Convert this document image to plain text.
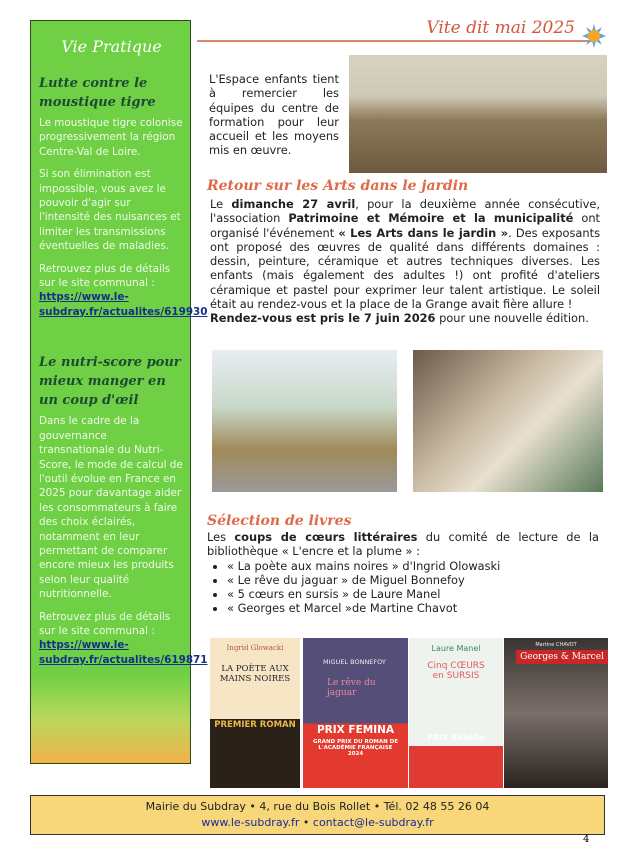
Vie Pratique
Lutte contre le moustique tigre

Le moustique tigre colonise progressivement la région Centre-Val de Loire.

Si son élimination est impossible, vous avez le pouvoir d'agir sur l'intensité des nuisances et limiter les transmissions éventuelles de maladies.

Retrouvez plus de détails sur le site communal :

https://www.le-subdray.fr/actualites/619930
Le nutri-score pour mieux manger en un coup d'œil

Dans le cadre de la gouvernance transnationale du Nutri-Score, le mode de calcul de l'outil évolue en France en 2025 pour davantage aider les consommateurs à faire des choix éclairés, notamment en leur permettant de comparer encore mieux les produits selon leur qualité nutritionnelle.

Retrouvez plus de détails sur le site communal :

https://www.le-subdray.fr/actualites/619871
Vite dit mai 2025
L'Espace enfants tient à remercier les équipes du centre de formation pour leur accueil et les moyens mis en œuvre.
Retour sur les Arts dans le jardin
Le dimanche 27 avril, pour la deuxième année consécutive, l'association Patrimoine et Mémoire et la municipalité ont organisé l'événement « Les Arts dans le jardin ». Des exposants ont proposé des œuvres de qualité dans différents domaines : dessin, peinture, céramique et autres techniques diverses. Les enfants (mais également des adultes !) ont profité d'ateliers céramique et pastel pour exprimer leur talent artistique. Le soleil était au rendez-vous et la place de la Grange avait fière allure !
Rendez-vous est pris le 7 juin 2026 pour une nouvelle édition.
Sélection de livres
Les coups de cœurs littéraires du comité de lecture de la bibliothèque « L'encre et la plume » :
• « La poète aux mains noires » d'Ingrid Olowaski
• « Le rêve du jaguar » de Miguel Bonnefoy
• « 5 cœurs en sursis » de Laure Manel
• « Georges et Marcel »de Martine Chavot
Ingrid Glowacki
LA POÈTE AUX MAINS NOIRES
PREMIER ROMAN
MIGUEL BONNEFOY
Le rêve du jaguar
PRIX FEMINA
GRAND PRIX DU ROMAN DE L'ACADÉMIE FRANÇAISE
2024
Laure Manel
Cinq CŒURS en SURSIS
PRIX Babelio
Martine CHAVOT
Georges & Marcel
Mairie du Subdray • 4, rue du Bois Rollet • Tél. 02 48 55 26 04
www.le-subdray.fr • contact@le-subdray.fr
4
